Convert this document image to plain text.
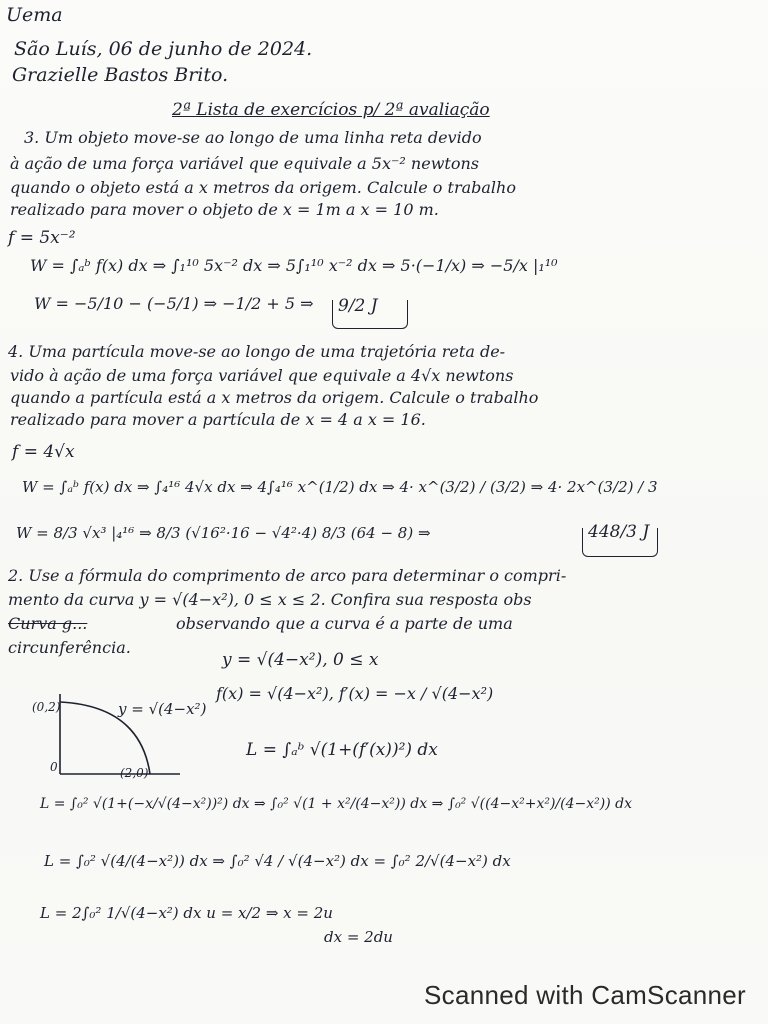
Uema
São Luís, 06 de junho de 2024.
Grazielle Bastos Brito.
2ª Lista de exercícios p/ 2ª avaliação
3. Um objeto move-se ao longo de uma linha reta devido
à ação de uma força variável que equivale a 5x⁻² newtons
quando o objeto está a x metros da origem. Calcule o trabalho
realizado para mover o objeto de x = 1m a x = 10 m.
f = 5x⁻²
W = ∫ₐᵇ f(x) dx ⇒ ∫₁¹⁰ 5x⁻² dx ⇒ 5∫₁¹⁰ x⁻² dx ⇒ 5·(−1/x) ⇒ −5/x |₁¹⁰
W = −5/10 − (−5/1) ⇒ −1/2 + 5 ⇒ 9/2 J
4. Uma partícula move-se ao longo de uma trajetória reta de-
vido à ação de uma força variável que equivale a 4√x newtons
quando a partícula está a x metros da origem. Calcule o trabalho
realizado para mover a partícula de x = 4 a x = 16.
f = 4√x
W = ∫ₐᵇ f(x) dx ⇒ ∫₄¹⁶ 4√x dx ⇒ 4∫₄¹⁶ x^(1/2) dx ⇒ 4· x^(3/2) / (3/2) ⇒ 4· 2x^(3/2) / 3
W = 8/3 √x³ |₄¹⁶ ⇒ 8/3 (√16²·16 − √4²·4) 8/3 (64 − 8) ⇒	448/3 J
2. Use a fórmula do comprimento de arco para determinar o compri-
mento da curva y = √(4−x²), 0 ≤ x ≤ 2. Confira sua resposta obs
Curva g...	observando que a curva é a parte de uma
circunferência.
y = √(4−x²), 0 ≤ x
f(x) = √(4−x²), f′(x) = −x / √(4−x²)
(0,2)
(2,0)
0
y = √(4−x²)
L = ∫ₐᵇ √(1+(f′(x))²) dx
L = ∫₀² √(1+(−x/√(4−x²))²) dx ⇒ ∫₀² √(1 + x²/(4−x²)) dx ⇒ ∫₀² √((4−x²+x²)/(4−x²)) dx
L = ∫₀² √(4/(4−x²)) dx ⇒ ∫₀² √4 / √(4−x²) dx = ∫₀² 2/√(4−x²) dx
L = 2∫₀² 1/√(4−x²) dx u = x/2 ⇒ x = 2u
dx = 2du
Scanned with CamScanner
